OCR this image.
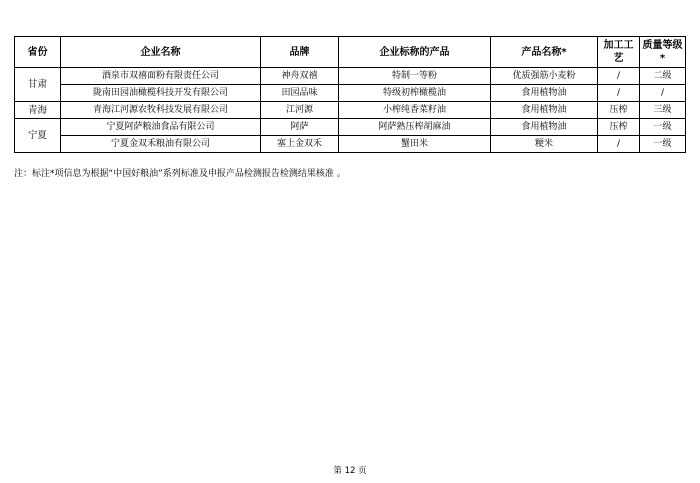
省份	企业名称	品牌	企业标称的产品	产品名称*	加工工艺	质量等级*
甘肃	酒泉市双禧面粉有限责任公司	神舟双禧	特制一等粉	优质强筋小麦粉	/	二级
	陇南田园油橄榄科技开发有限公司	田园品味	特级初榨橄榄油	食用植物油	/	/
青海	青海江河源农牧科技发展有限公司	江河源	小榨纯香菜籽油	食用植物油	压榨	三级
宁夏	宁夏阿萨粮油食品有限公司	阿萨	阿萨熟压榨胡麻油	食用植物油	压榨	一级
	宁夏金双禾粮油有限公司	塞上金双禾	蟹田米	粳米	/	一级
注：标注*项信息为根据“中国好粮油”系列标准及申报产品检测报告检测结果核准 。
第 12 页
